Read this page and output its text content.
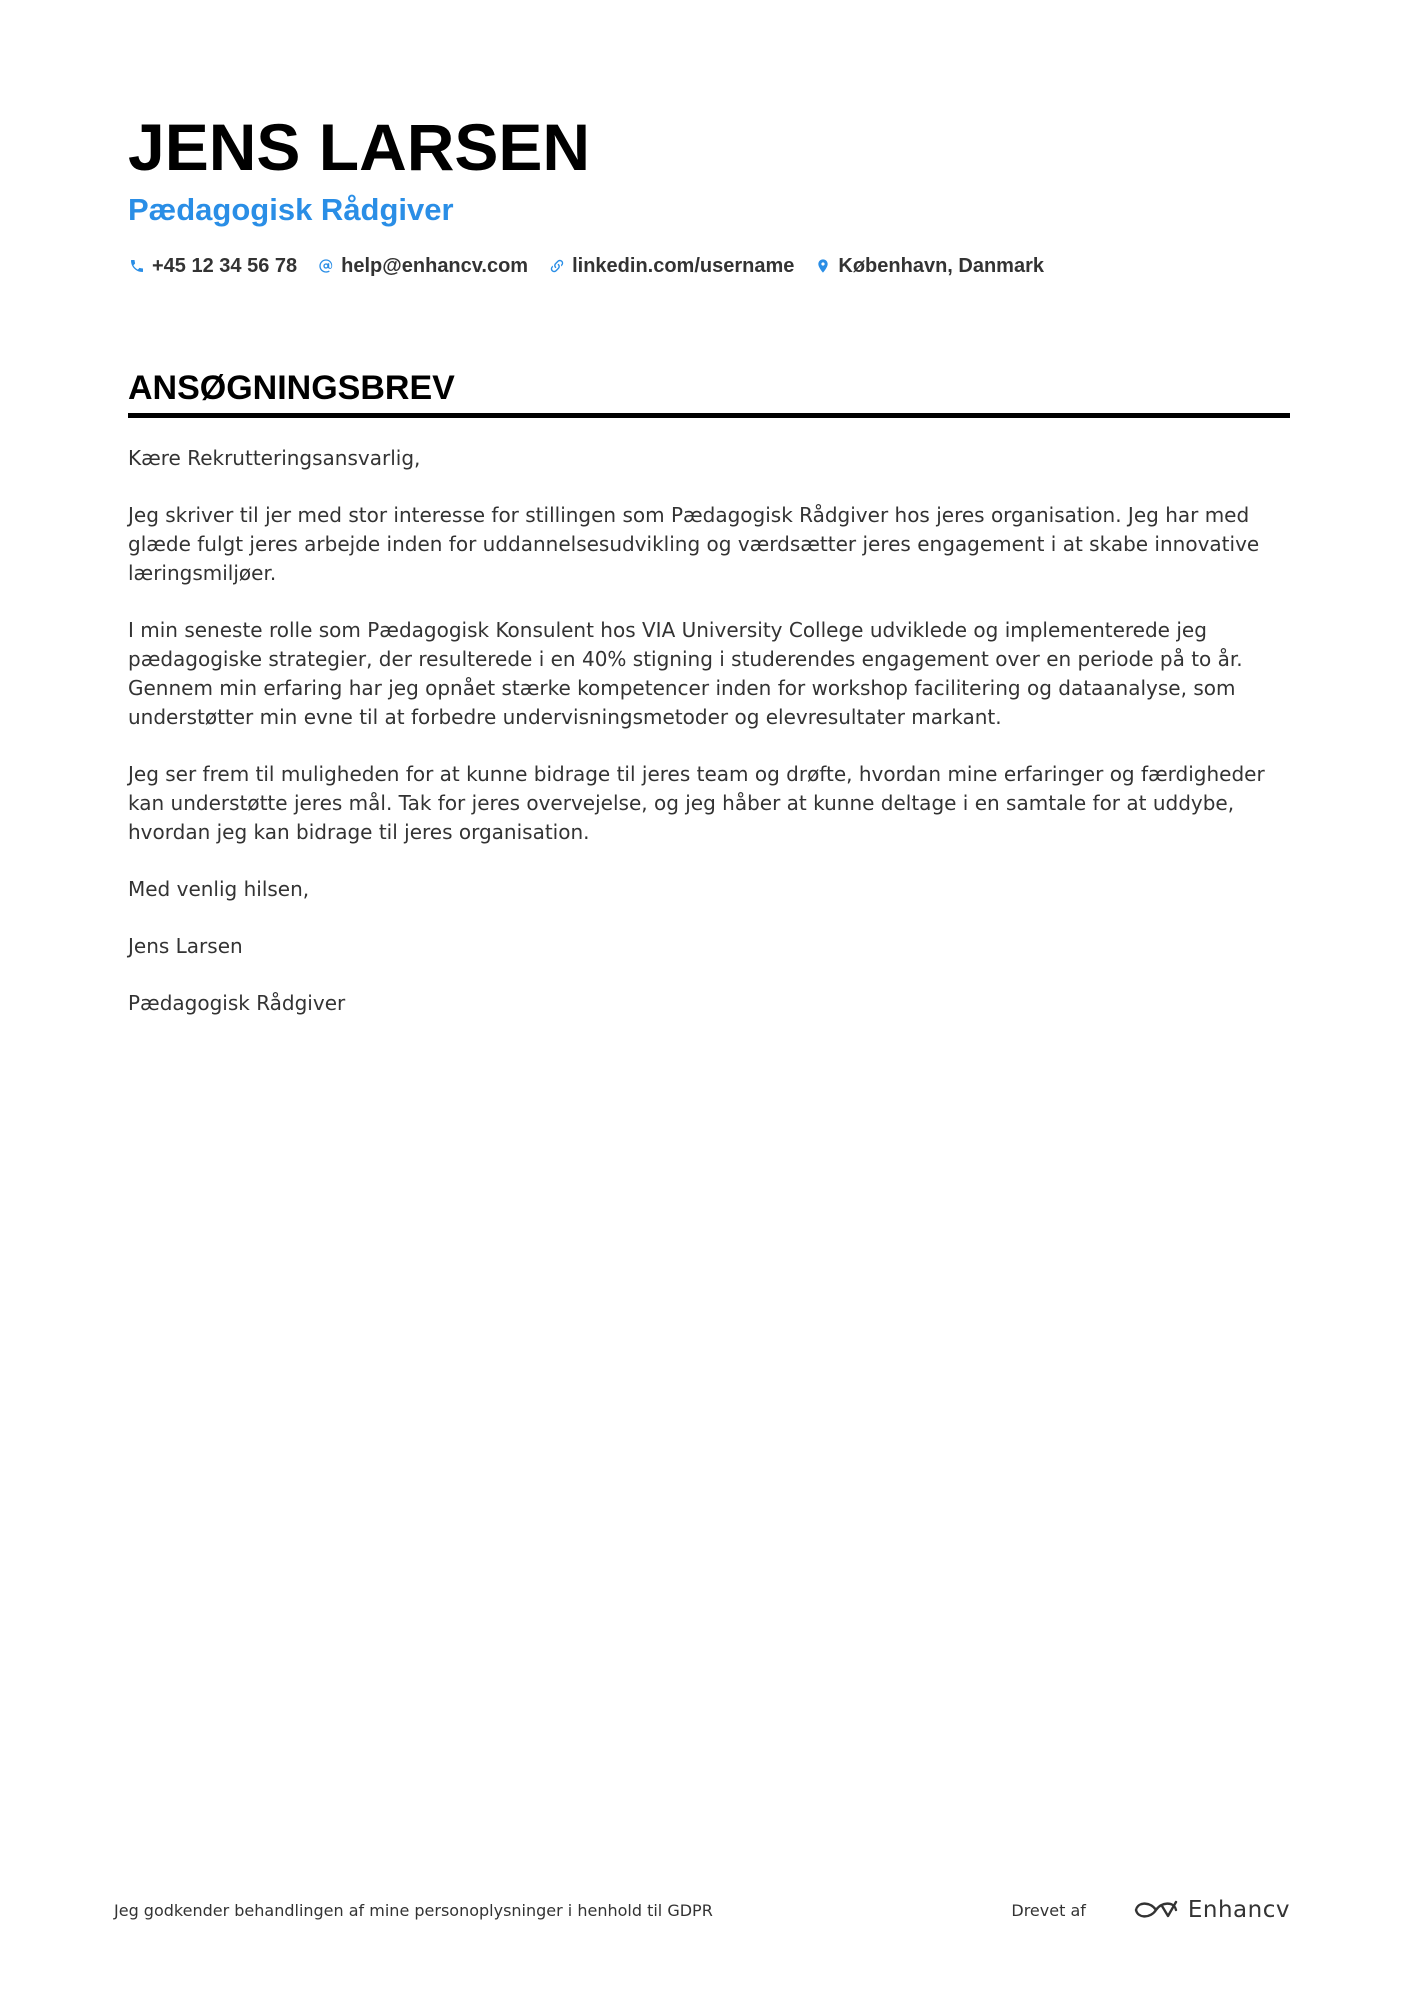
JENS LARSEN
Pædagogisk Rådgiver
+45 12 34 56 78 help@enhancv.com linkedin.com/username København, Danmark
ANSØGNINGSBREV

Kære Rekrutteringsansvarlig,

Jeg skriver til jer med stor interesse for stillingen som Pædagogisk Rådgiver hos jeres organisation. Jeg har med glæde fulgt jeres arbejde inden for uddannelsesudvikling og værdsætter jeres engagement i at skabe innovative læringsmiljøer.

I min seneste rolle som Pædagogisk Konsulent hos VIA University College udviklede og implementerede jeg pædagogiske strategier, der resulterede i en 40% stigning i studerendes engagement over en periode på to år. Gennem min erfaring har jeg opnået stærke kompetencer inden for workshop facilitering og dataanalyse, som understøtter min evne til at forbedre undervisningsmetoder og elevresultater markant.

Jeg ser frem til muligheden for at kunne bidrage til jeres team og drøfte, hvordan mine erfaringer og færdigheder kan understøtte jeres mål. Tak for jeres overvejelse, og jeg håber at kunne deltage i en samtale for at uddybe, hvordan jeg kan bidrage til jeres organisation.

Med venlig hilsen,

Jens Larsen

Pædagogisk Rådgiver

Jeg godkender behandlingen af mine personoplysninger i henhold til GDPR	Drevet af	Enhancv
